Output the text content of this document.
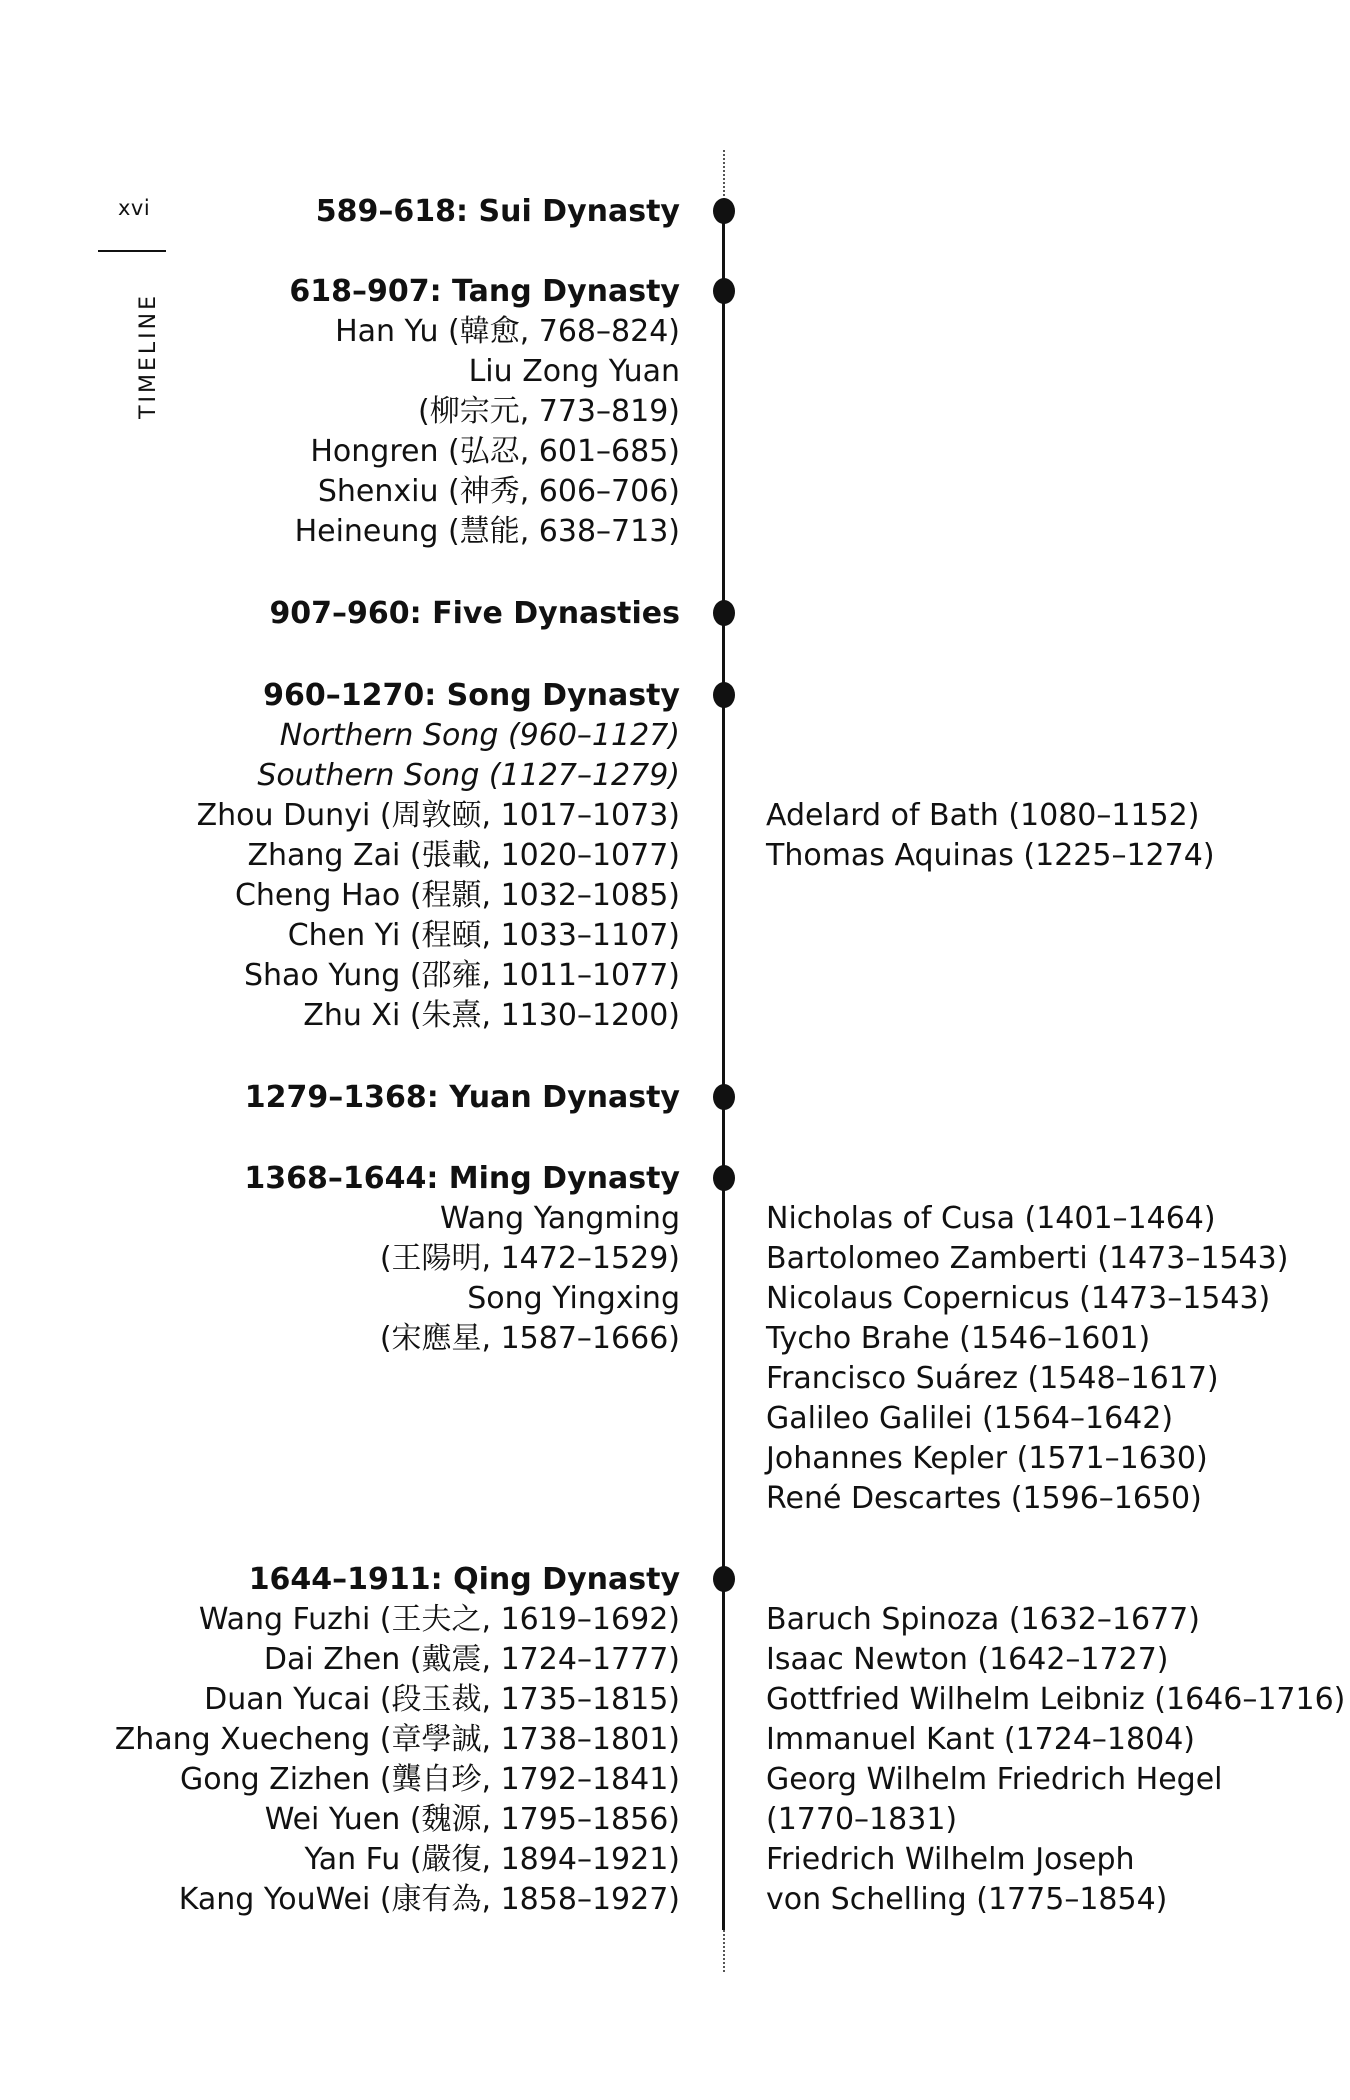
xvi
TIMELINE
589–618: Sui Dynasty
618–907: Tang Dynasty
Han Yu (韓愈, 768–824)
Liu Zong Yuan
(柳宗元, 773–819)
Hongren (弘忍, 601–685)
Shenxiu (神秀, 606–706)
Heineung (慧能, 638–713)
907–960: Five Dynasties
960–1270: Song Dynasty
Northern Song (960–1127)
Southern Song (1127–1279)
Zhou Dunyi (周敦颐, 1017–1073)
Zhang Zai (張載, 1020–1077)
Cheng Hao (程顥, 1032–1085)
Chen Yi (程頤, 1033–1107)
Shao Yung (邵雍, 1011–1077)
Zhu Xi (朱熹, 1130–1200)
Adelard of Bath (1080–1152)
Thomas Aquinas (1225–1274)
1279–1368: Yuan Dynasty
1368–1644: Ming Dynasty
Wang Yangming
(王陽明, 1472–1529)
Song Yingxing
(宋應星, 1587–1666)
Nicholas of Cusa (1401–1464)
Bartolomeo Zamberti (1473–1543)
Nicolaus Copernicus (1473–1543)
Tycho Brahe (1546–1601)
Francisco Suárez (1548–1617)
Galileo Galilei (1564–1642)
Johannes Kepler (1571–1630)
René Descartes (1596–1650)
1644–1911: Qing Dynasty
Wang Fuzhi (王夫之, 1619–1692)
Dai Zhen (戴震, 1724–1777)
Duan Yucai (段玉裁, 1735–1815)
Zhang Xuecheng (章學誠, 1738–1801)
Gong Zizhen (龔自珍, 1792–1841)
Wei Yuen (魏源, 1795–1856)
Yan Fu (嚴復, 1894–1921)
Kang YouWei (康有為, 1858–1927)
Baruch Spinoza (1632–1677)
Isaac Newton (1642–1727)
Gottfried Wilhelm Leibniz (1646–1716)
Immanuel Kant (1724–1804)
Georg Wilhelm Friedrich Hegel
(1770–1831)
Friedrich Wilhelm Joseph
von Schelling (1775–1854)
